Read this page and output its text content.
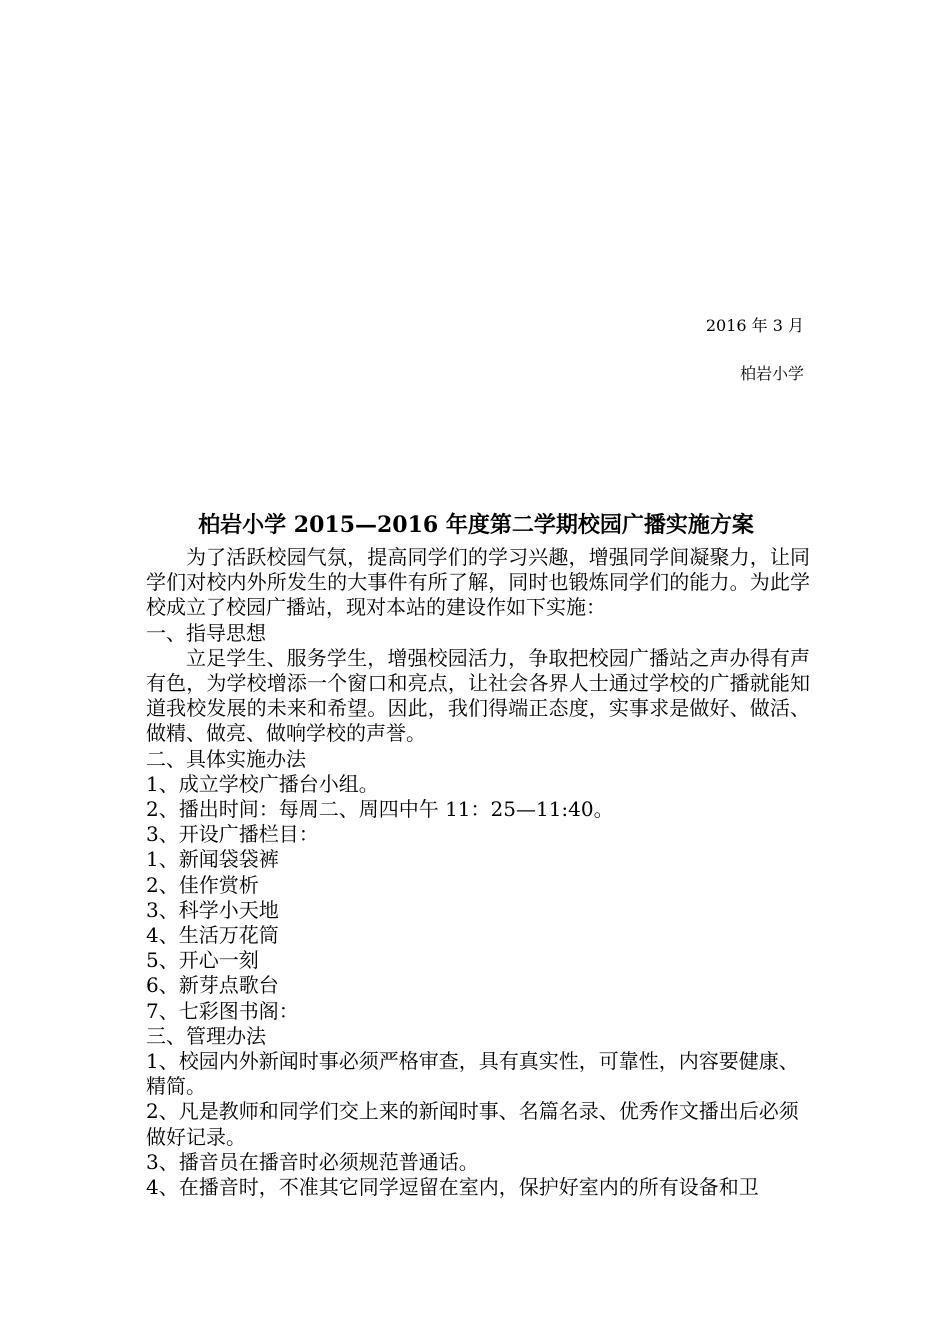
2016 年 3 月
柏岩小学
柏岩小学 2015—2016 年度第二学期校园广播实施方案

为了活跃校园气氛，提高同学们的学习兴趣，增强同学间凝聚力，让同学们对校内外所发生的大事件有所了解，同时也锻炼同学们的能力。为此学校成立了校园广播站，现对本站的建设作如下实施：

一、指导思想

立足学生、服务学生，增强校园活力，争取把校园广播站之声办得有声有色，为学校增添一个窗口和亮点，让社会各界人士通过学校的广播就能知道我校发展的未来和希望。因此，我们得端正态度，实事求是做好、做活、做精、做亮、做响学校的声誉。

二、具体实施办法

1、成立学校广播台小组。

2、播出时间：每周二、周四中午 11：25—11:40。

3、开设广播栏目：

1、新闻袋袋裤

2、佳作赏析

3、科学小天地

4、生活万花筒

5、开心一刻

6、新芽点歌台

7、七彩图书阁：

三、管理办法

1、校园内外新闻时事必须严格审查，具有真实性，可靠性，内容要健康、精简。

2、凡是教师和同学们交上来的新闻时事、名篇名录、优秀作文播出后必须做好记录。

3、播音员在播音时必须规范普通话。

4、在播音时，不准其它同学逗留在室内，保护好室内的所有设备和卫
